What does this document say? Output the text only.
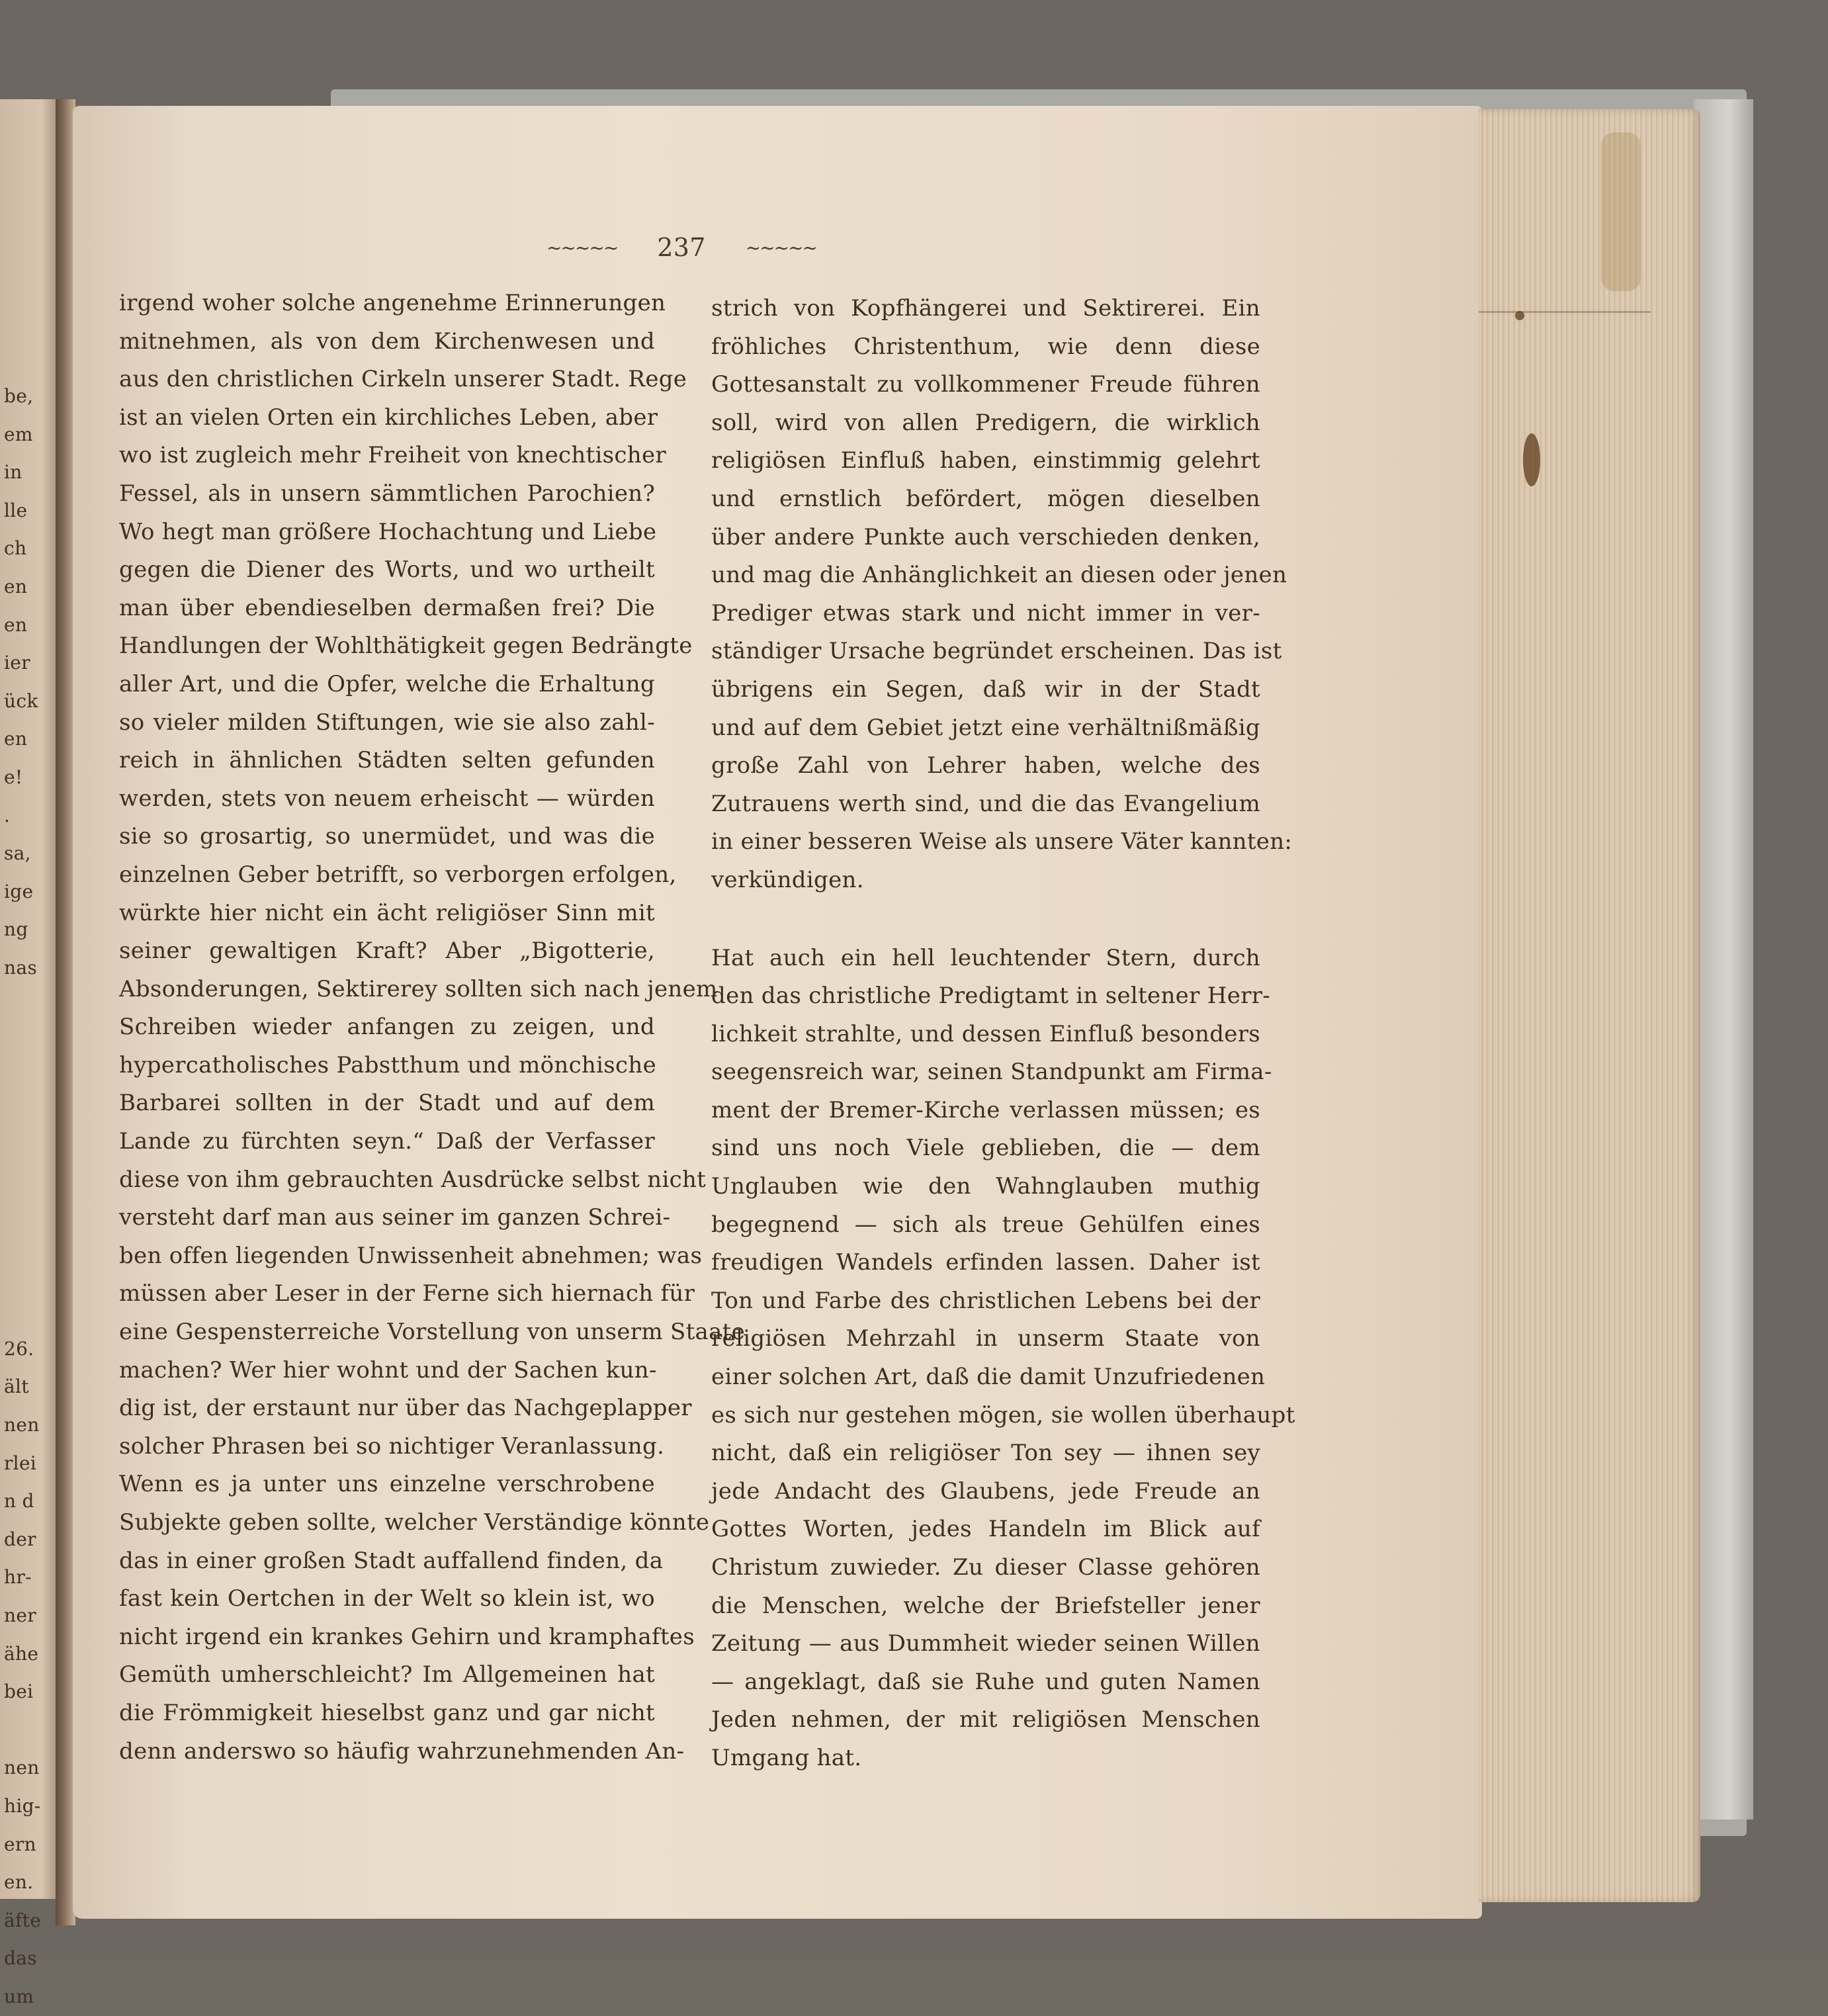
be,
em
in
lle
ch
en
en
ier
ück
en
e!
.
sa,
ige
ng
nas
26.
ält
nen
rlei
n d
der
hr-
ner
ähe
bei
nen
hig-
ern
en.
äfte
das
um
~~~~~ 237 ~~~~~
irgend woher solche angenehme Erinnerungen
mitnehmen, als von dem Kirchenwesen und
aus den christlichen Cirkeln unserer Stadt. Rege
ist an vielen Orten ein kirchliches Leben, aber
wo ist zugleich mehr Freiheit von knechtischer
Fessel, als in unsern sämmtlichen Parochien?
Wo hegt man größere Hochachtung und Liebe
gegen die Diener des Worts, und wo urtheilt
man über ebendieselben dermaßen frei? Die
Handlungen der Wohlthätigkeit gegen Bedrängte
aller Art, und die Opfer, welche die Erhaltung
so vieler milden Stiftungen, wie sie also zahl-
reich in ähnlichen Städten selten gefunden
werden, stets von neuem erheischt — würden
sie so grosartig, so unermüdet, und was die
einzelnen Geber betrifft, so verborgen erfolgen,
würkte hier nicht ein ächt religiöser Sinn mit
seiner gewaltigen Kraft? Aber „Bigotterie,
Absonderungen, Sektirerey sollten sich nach jenem
Schreiben wieder anfangen zu zeigen, und
hypercatholisches Pabstthum und mönchische
Barbarei sollten in der Stadt und auf dem
Lande zu fürchten seyn.“ Daß der Verfasser
diese von ihm gebrauchten Ausdrücke selbst nicht
versteht darf man aus seiner im ganzen Schrei-
ben offen liegenden Unwissenheit abnehmen; was
müssen aber Leser in der Ferne sich hiernach für
eine Gespensterreiche Vorstellung von unserm Staate
machen? Wer hier wohnt und der Sachen kun-
dig ist, der erstaunt nur über das Nachgeplapper
solcher Phrasen bei so nichtiger Veranlassung.
Wenn es ja unter uns einzelne verschrobene
Subjekte geben sollte, welcher Verständige könnte
das in einer großen Stadt auffallend finden, da
fast kein Oertchen in der Welt so klein ist, wo
nicht irgend ein krankes Gehirn und kramphaftes
Gemüth umherschleicht? Im Allgemeinen hat
die Frömmigkeit hieselbst ganz und gar nicht
denn anderswo so häufig wahrzunehmenden An-
strich von Kopfhängerei und Sektirerei. Ein
fröhliches Christenthum, wie denn diese
Gottesanstalt zu vollkommener Freude führen
soll, wird von allen Predigern, die wirklich
religiösen Einfluß haben, einstimmig gelehrt
und ernstlich befördert, mögen dieselben
über andere Punkte auch verschieden denken,
und mag die Anhänglichkeit an diesen oder jenen
Prediger etwas stark und nicht immer in ver-
ständiger Ursache begründet erscheinen. Das ist
übrigens ein Segen, daß wir in der Stadt
und auf dem Gebiet jetzt eine verhältnißmäßig
große Zahl von Lehrer haben, welche des
Zutrauens werth sind, und die das Evangelium
in einer besseren Weise als unsere Väter kannten:
verkündigen.
Hat auch ein hell leuchtender Stern, durch
den das christliche Predigtamt in seltener Herr-
lichkeit strahlte, und dessen Einfluß besonders
seegensreich war, seinen Standpunkt am Firma-
ment der Bremer-Kirche verlassen müssen; es
sind uns noch Viele geblieben, die — dem
Unglauben wie den Wahnglauben muthig
begegnend — sich als treue Gehülfen eines
freudigen Wandels erfinden lassen. Daher ist
Ton und Farbe des christlichen Lebens bei der
religiösen Mehrzahl in unserm Staate von
einer solchen Art, daß die damit Unzufriedenen
es sich nur gestehen mögen, sie wollen überhaupt
nicht, daß ein religiöser Ton sey — ihnen sey
jede Andacht des Glaubens, jede Freude an
Gottes Worten, jedes Handeln im Blick auf
Christum zuwieder. Zu dieser Classe gehören
die Menschen, welche der Briefsteller jener
Zeitung — aus Dummheit wieder seinen Willen
— angeklagt, daß sie Ruhe und guten Namen
Jeden nehmen, der mit religiösen Menschen
Umgang hat.
